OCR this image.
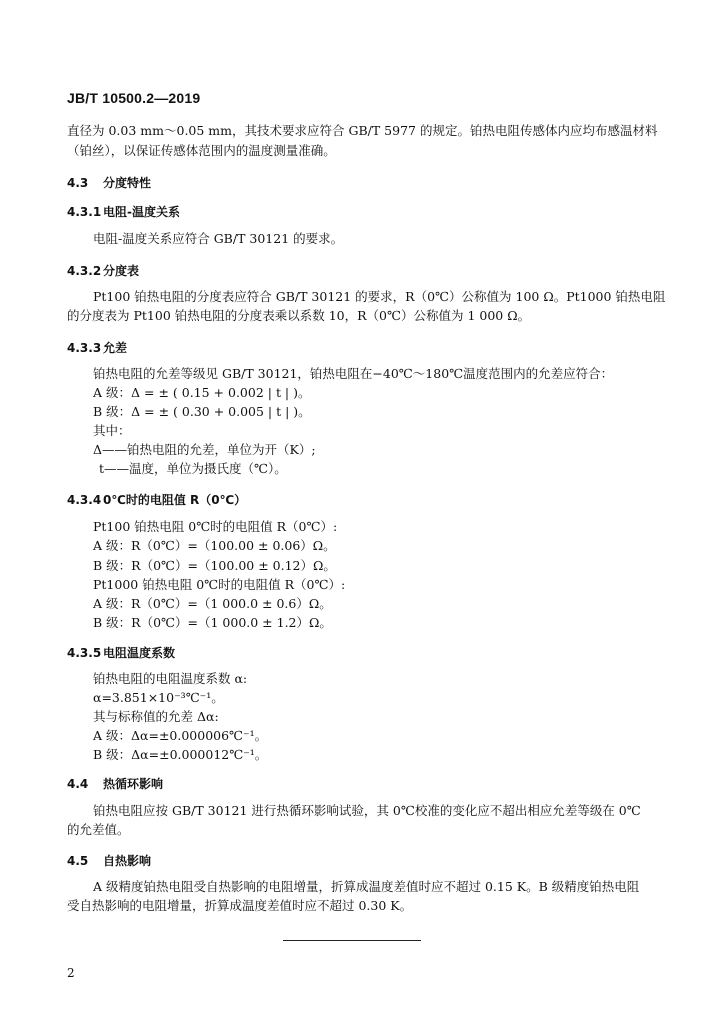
JB/T 10500.2—2019
直径为 0.03 mm～0.05 mm，其技术要求应符合 GB/T 5977 的规定。铂热电阻传感体内应均布感温材料
（铂丝），以保证传感体范围内的温度测量准确。
4.3 分度特性
4.3.1 电阻-温度关系
电阻-温度关系应符合 GB/T 30121 的要求。
4.3.2 分度表
Pt100 铂热电阻的分度表应符合 GB/T 30121 的要求，R（0℃）公称值为 100 Ω。Pt1000 铂热电阻
的分度表为 Pt100 铂热电阻的分度表乘以系数 10，R（0℃）公称值为 1 000 Ω。
4.3.3 允差
铂热电阻的允差等级见 GB/T 30121，铂热电阻在−40℃～180℃温度范围内的允差应符合：
A 级：Δ = ± ( 0.15 + 0.002 | t | )。
B 级：Δ = ± ( 0.30 + 0.005 | t | )。
其中：
Δ——铂热电阻的允差，单位为开（K）;
t——温度，单位为摄氏度（℃）。
4.3.4 0℃时的电阻值 R（0℃）
Pt100 铂热电阻 0℃时的电阻值 R（0℃）:
A 级：R（0℃）=（100.00 ± 0.06）Ω。
B 级：R（0℃）=（100.00 ± 0.12）Ω。
Pt1000 铂热电阻 0℃时的电阻值 R（0℃）:
A 级：R（0℃）=（1 000.0 ± 0.6）Ω。
B 级：R（0℃）=（1 000.0 ± 1.2）Ω。
4.3.5 电阻温度系数
铂热电阻的电阻温度系数 α:
α=3.851×10⁻³℃⁻¹。
其与标称值的允差 Δα:
A 级：Δα=±0.000006℃⁻¹。
B 级：Δα=±0.000012℃⁻¹。
4.4 热循环影响
铂热电阻应按 GB/T 30121 进行热循环影响试验，其 0℃校准的变化应不超出相应允差等级在 0℃
的允差值。
4.5 自热影响
A 级精度铂热电阻受自热影响的电阻增量，折算成温度差值时应不超过 0.15 K。B 级精度铂热电阻
受自热影响的电阻增量，折算成温度差值时应不超过 0.30 K。
2
